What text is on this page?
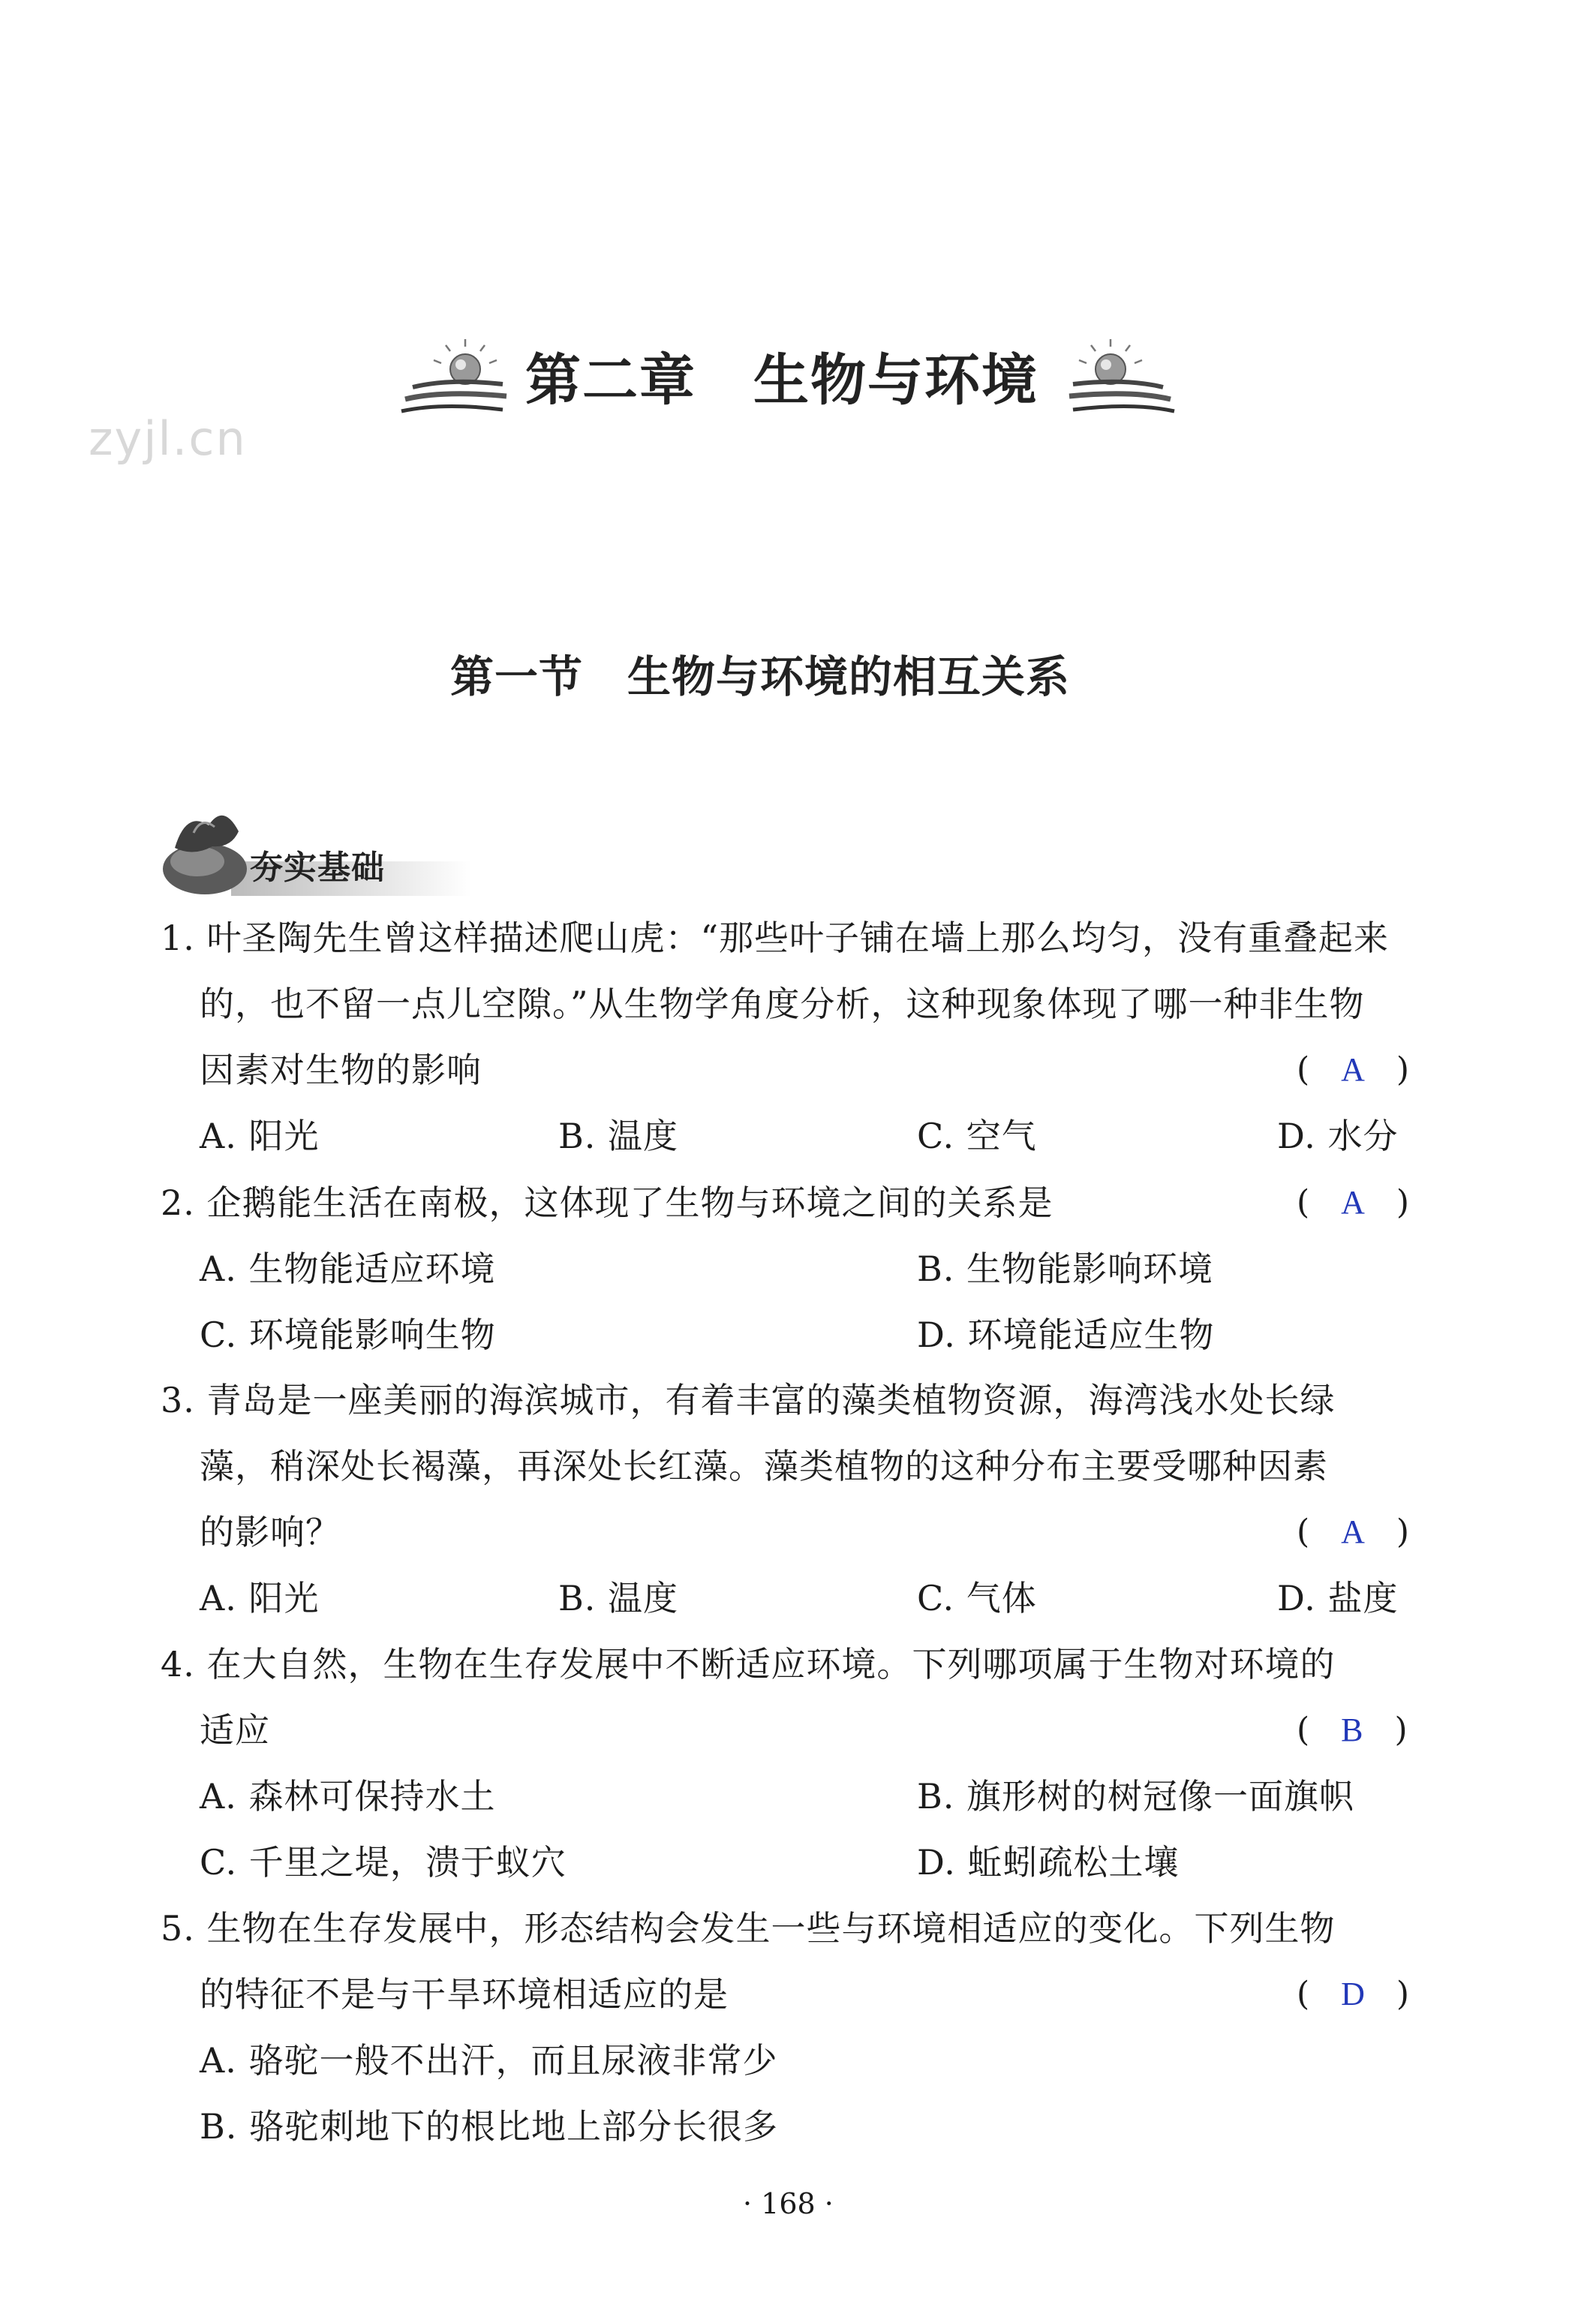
zyjl.cn
第二章　生物与环境
第一节　生物与环境的相互关系
夯实基础
1. 叶圣陶先生曾这样描述爬山虎：“那些叶子铺在墙上那么均匀，没有重叠起来
的，也不留一点儿空隙。”从生物学角度分析，这种现象体现了哪一种非生物
因素对生物的影响	(   A   )
A. 阳光	B. 温度	C. 空气	D. 水分
2. 企鹅能生活在南极，这体现了生物与环境之间的关系是	(   A   )
A. 生物能适应环境	B. 生物能影响环境
C. 环境能影响生物	D. 环境能适应生物
3. 青岛是一座美丽的海滨城市，有着丰富的藻类植物资源，海湾浅水处长绿
藻，稍深处长褐藻，再深处长红藻。藻类植物的这种分布主要受哪种因素
的影响？	(   A   )
A. 阳光	B. 温度	C. 气体	D. 盐度
4. 在大自然，生物在生存发展中不断适应环境。下列哪项属于生物对环境的
适应	(   B   )
A. 森林可保持水土	B. 旗形树的树冠像一面旗帜
C. 千里之堤，溃于蚁穴	D. 蚯蚓疏松土壤
5. 生物在生存发展中，形态结构会发生一些与环境相适应的变化。下列生物
的特征不是与干旱环境相适应的是	(   D   )
A. 骆驼一般不出汗，而且尿液非常少
B. 骆驼刺地下的根比地上部分长很多
· 168 ·
